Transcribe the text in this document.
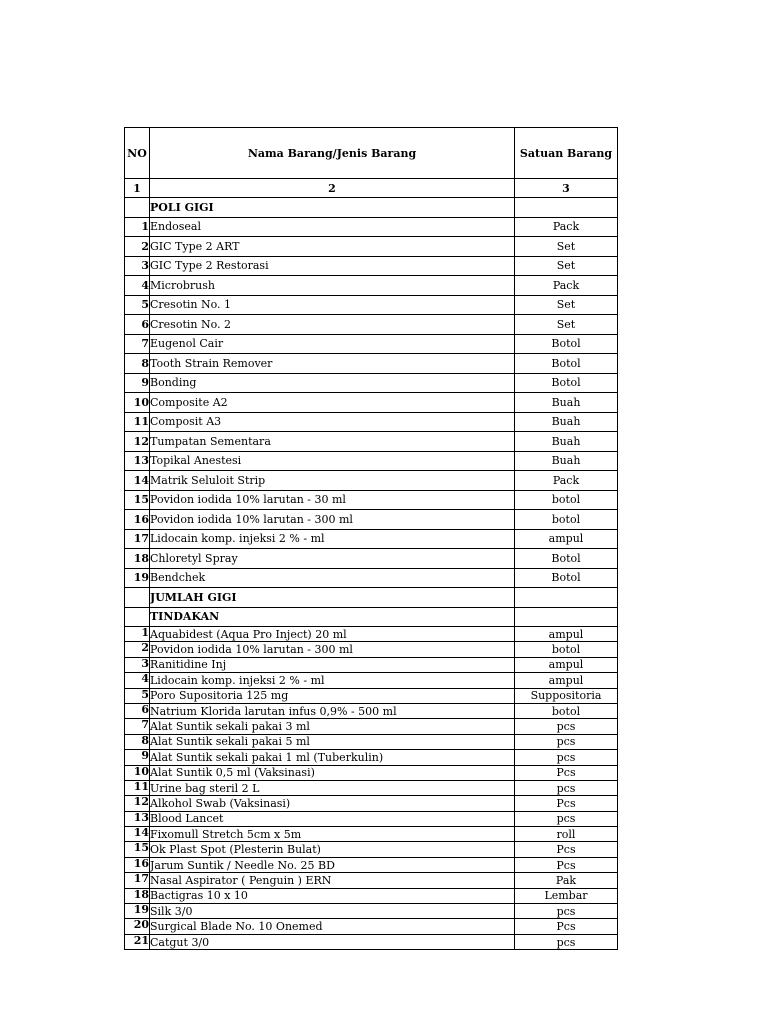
NO	Nama Barang/Jenis Barang	Satuan Barang
1	2	3
	POLI GIGI	
1	Endoseal	Pack
2	GIC Type 2 ART	Set
3	GIC Type 2 Restorasi	Set
4	Microbrush	Pack
5	Cresotin No. 1	Set
6	Cresotin No. 2	Set
7	Eugenol Cair	Botol
8	Tooth Strain Remover	Botol
9	Bonding	Botol
10	Composite A2	Buah
11	Composit A3	Buah
12	Tumpatan Sementara	Buah
13	Topikal Anestesi	Buah
14	Matrik Seluloit Strip	Pack
15	Povidon iodida 10% larutan - 30 ml	botol
16	Povidon iodida 10% larutan - 300 ml	botol
17	Lidocain komp. injeksi 2 % - ml	ampul
18	Chloretyl Spray	Botol
19	Bendchek	Botol
	JUMLAH GIGI	
	TINDAKAN	
1	Aquabidest (Aqua Pro Inject) 20 ml	ampul
2	Povidon iodida 10% larutan - 300 ml	botol
3	Ranitidine Inj	ampul
4	Lidocain komp. injeksi 2 % - ml	ampul
5	Poro Supositoria 125 mg	Suppositoria
6	Natrium Klorida larutan infus 0,9% - 500 ml	botol
7	Alat Suntik sekali pakai 3 ml	pcs
8	Alat Suntik sekali pakai 5 ml	pcs
9	Alat Suntik sekali pakai 1 ml (Tuberkulin)	pcs
10	Alat Suntik 0,5 ml (Vaksinasi)	Pcs
11	Urine bag steril 2 L	pcs
12	Alkohol Swab (Vaksinasi)	Pcs
13	Blood Lancet	pcs
14	Fixomull Stretch 5cm x 5m	roll
15	Ok Plast Spot (Plesterin Bulat)	Pcs
16	Jarum Suntik / Needle No. 25 BD	Pcs
17	Nasal Aspirator ( Penguin ) ERN	Pak
18	Bactigras 10 x 10	Lembar
19	Silk 3/0	pcs
20	Surgical Blade No. 10 Onemed	Pcs
21	Catgut 3/0	pcs
